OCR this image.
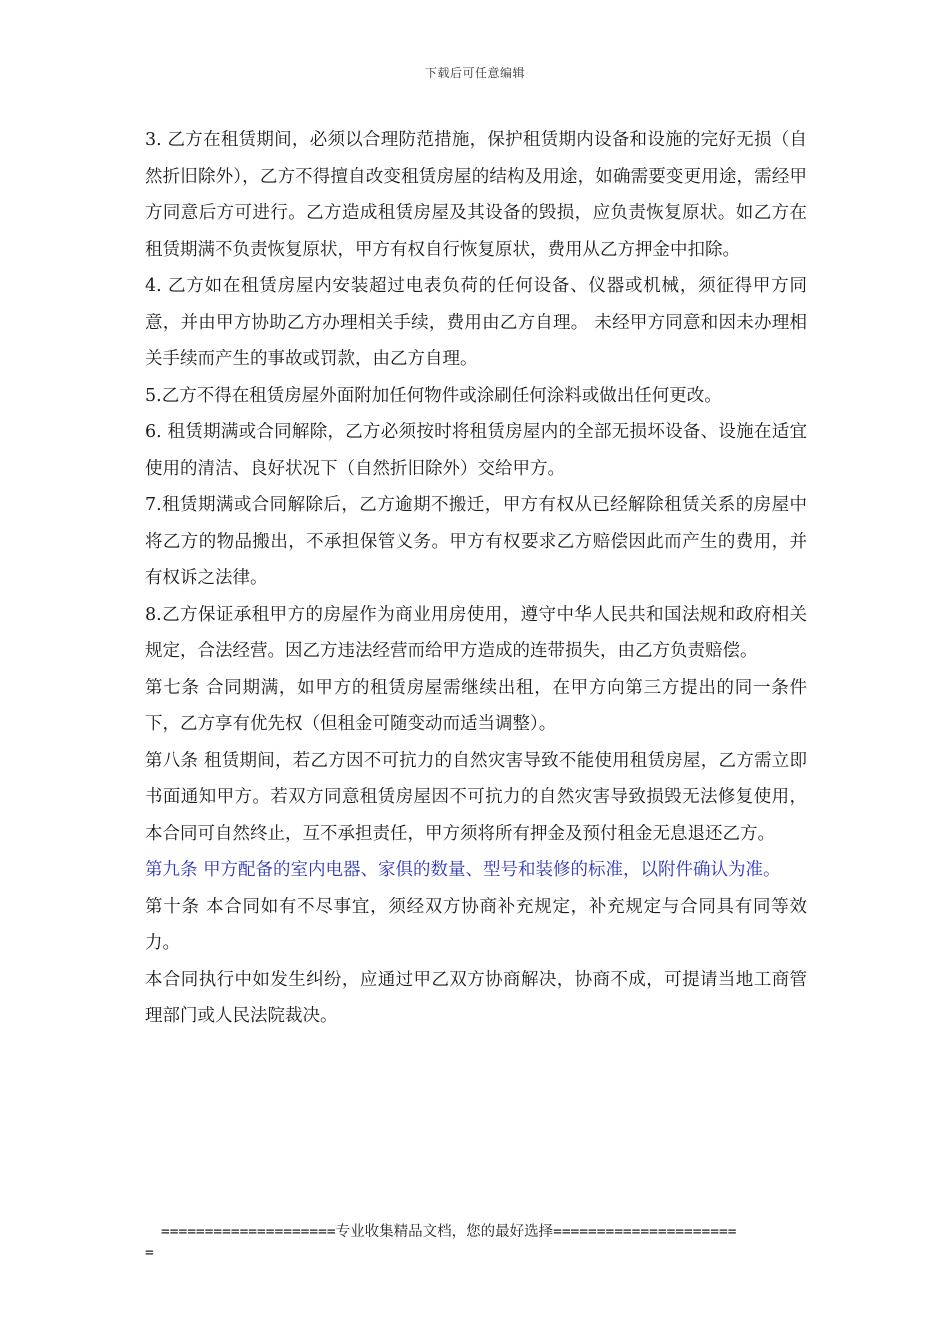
下载后可任意编辑

3. 乙方在租赁期间，必须以合理防范措施，保护租赁期内设备和设施的完好无损（自然折旧除外），乙方不得擅自改变租赁房屋的结构及用途，如确需要变更用途，需经甲方同意后方可进行。乙方造成租赁房屋及其设备的毁损，应负责恢复原状。如乙方在租赁期满不负责恢复原状，甲方有权自行恢复原状，费用从乙方押金中扣除。

4. 乙方如在租赁房屋内安装超过电表负荷的任何设备、仪器或机械，须征得甲方同意，并由甲方协助乙方办理相关手续，费用由乙方自理。 未经甲方同意和因未办理相关手续而产生的事故或罚款，由乙方自理。

5.乙方不得在租赁房屋外面附加任何物件或涂刷任何涂料或做出任何更改。

6. 租赁期满或合同解除，乙方必须按时将租赁房屋内的全部无损坏设备、设施在适宜使用的清洁、良好状况下（自然折旧除外）交给甲方。

7.租赁期满或合同解除后，乙方逾期不搬迁，甲方有权从已经解除租赁关系的房屋中将乙方的物品搬出，不承担保管义务。甲方有权要求乙方赔偿因此而产生的费用，并有权诉之法律。

8.乙方保证承租甲方的房屋作为商业用房使用，遵守中华人民共和国法规和政府相关规定，合法经营。因乙方违法经营而给甲方造成的连带损失，由乙方负责赔偿。

第七条 合同期满，如甲方的租赁房屋需继续出租，在甲方向第三方提出的同一条件下，乙方享有优先权（但租金可随变动而适当调整）。

第八条 租赁期间，若乙方因不可抗力的自然灾害导致不能使用租赁房屋，乙方需立即书面通知甲方。若双方同意租赁房屋因不可抗力的自然灾害导致损毁无法修复使用，本合同可自然终止，互不承担责任，甲方须将所有押金及预付租金无息退还乙方。

第九条 甲方配备的室内电器、家俱的数量、型号和装修的标准，以附件确认为准。

第十条 本合同如有不尽事宜，须经双方协商补充规定，补充规定与合同具有同等效力。

本合同执行中如发生纠纷，应通过甲乙双方协商解决，协商不成，可提请当地工商管理部门或人民法院裁决。

====================专业收集精品文档，您的最好选择=====================
=
